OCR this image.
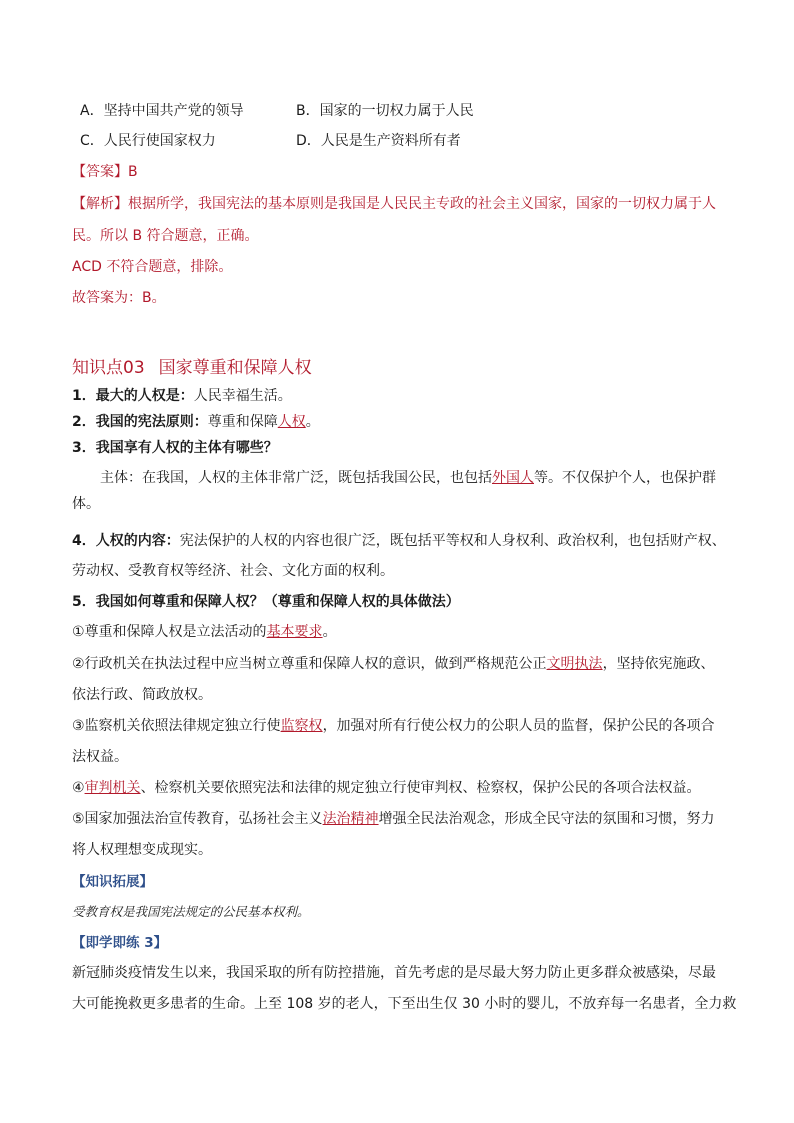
A．坚持中国共产党的领导	B．国家的一切权力属于人民
C．人民行使国家权力	D．人民是生产资料所有者
【答案】B
【解析】根据所学，我国宪法的基本原则是我国是人民民主专政的社会主义国家，国家的一切权力属于人
民。所以 B 符合题意，正确。
ACD 不符合题意，排除。
故答案为：B。
知识点03 国家尊重和保障人权
1．最大的人权是：人民幸福生活。
2．我国的宪法原则：尊重和保障人权。
3．我国享有人权的主体有哪些？
主体：在我国，人权的主体非常广泛，既包括我国公民，也包括外国人等。不仅保护个人，也保护群
体。
4．人权的内容：宪法保护的人权的内容也很广泛，既包括平等权和人身权利、政治权利，也包括财产权、
劳动权、受教育权等经济、社会、文化方面的权利。
5．我国如何尊重和保障人权？（尊重和保障人权的具体做法）
①尊重和保障人权是立法活动的基本要求。
②行政机关在执法过程中应当树立尊重和保障人权的意识，做到严格规范公正文明执法，坚持依宪施政、
依法行政、简政放权。
③监察机关依照法律规定独立行使监察权，加强对所有行使公权力的公职人员的监督，保护公民的各项合
法权益。
④审判机关、检察机关要依照宪法和法律的规定独立行使审判权、检察权，保护公民的各项合法权益。
⑤国家加强法治宣传教育，弘扬社会主义法治精神增强全民法治观念，形成全民守法的氛围和习惯，努力
将人权理想变成现实。
【知识拓展】
受教育权是我国宪法规定的公民基本权利。
【即学即练 3】
新冠肺炎疫情发生以来，我国采取的所有防控措施，首先考虑的是尽最大努力防止更多群众被感染，尽最
大可能挽救更多患者的生命。上至 108 岁的老人，下至出生仅 30 小时的婴儿，不放弃每一名患者，全力救
